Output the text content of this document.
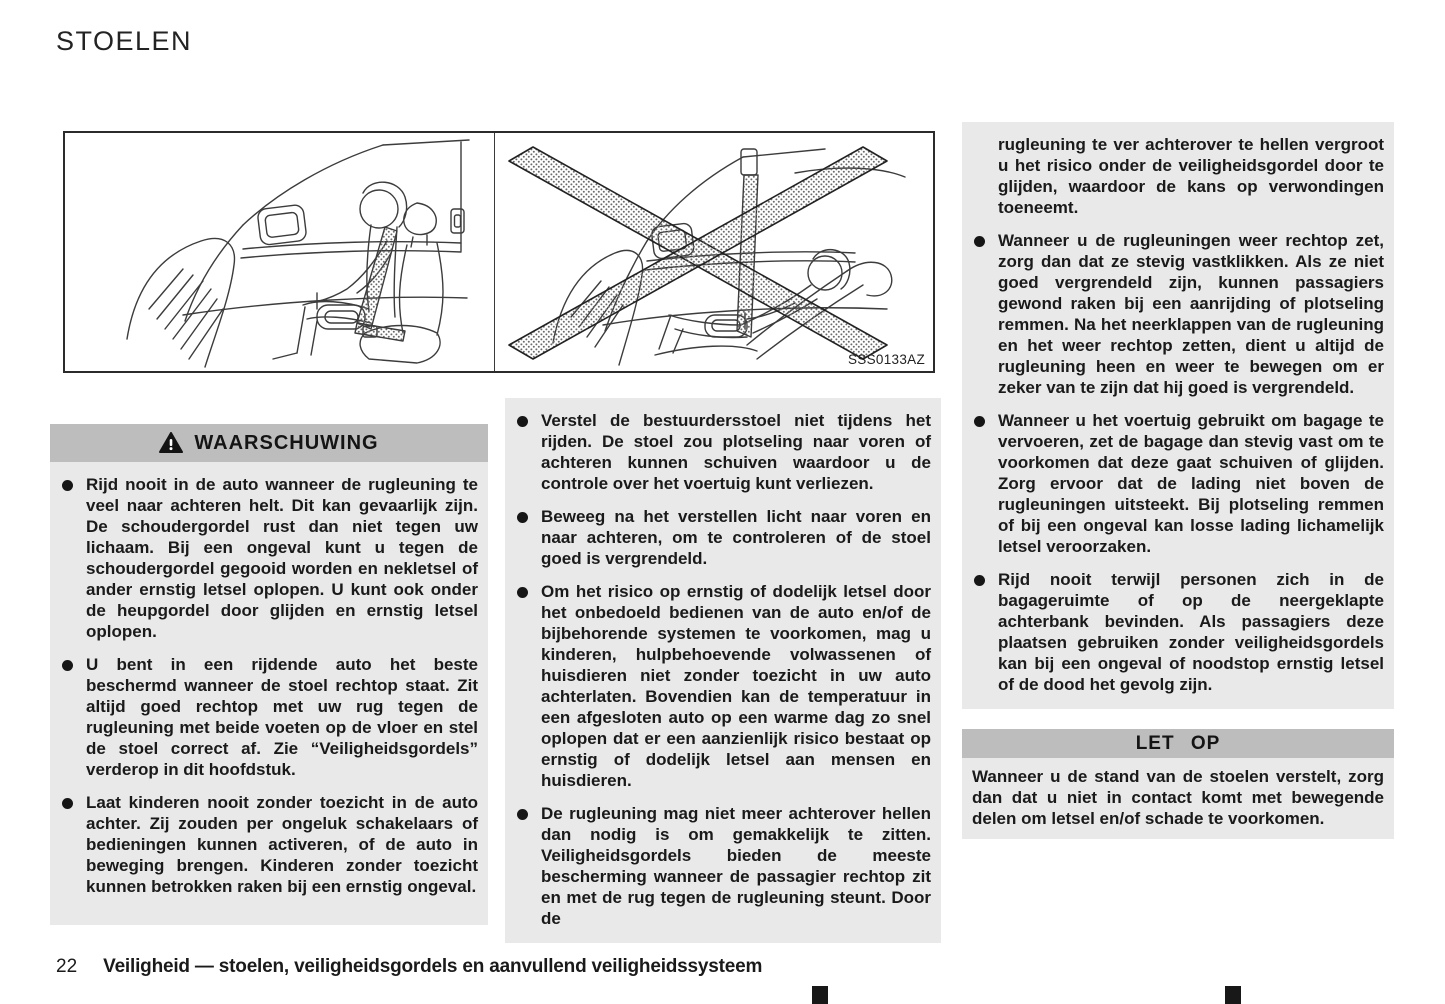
STOELEN
SSS0133AZ
WAARSCHUWING

Rijd nooit in de auto wanneer de rugleuning te veel naar achteren helt. Dit kan gevaarlijk zijn. De schoudergordel rust dan niet tegen uw lichaam. Bij een ongeval kunt u tegen de schoudergordel gegooid worden en nekletsel of ander ernstig letsel oplopen. U kunt ook onder de heupgordel door glijden en ernstig letsel oplopen.

U bent in een rijdende auto het beste beschermd wanneer de stoel rechtop staat. Zit altijd goed rechtop met uw rug tegen de rugleuning met beide voeten op de vloer en stel de stoel correct af. Zie “Veiligheidsgordels” verderop in dit hoofdstuk.

Laat kinderen nooit zonder toezicht in de auto achter. Zij zouden per ongeluk schakelaars of bedieningen kunnen activeren, of de auto in beweging brengen. Kinderen zonder toezicht kunnen betrokken raken bij een ernstig ongeval.

Verstel de bestuurdersstoel niet tijdens het rijden. De stoel zou plotseling naar voren of achteren kunnen schuiven waardoor u de controle over het voertuig kunt verliezen.

Beweeg na het verstellen licht naar voren en naar achteren, om te controleren of de stoel goed is vergrendeld.

Om het risico op ernstig of dodelijk letsel door het onbedoeld bedienen van de auto en/of de bijbehorende systemen te voorkomen, mag u kinderen, hulpbehoevende volwassenen of huisdieren niet zonder toezicht in uw auto achterlaten. Bovendien kan de temperatuur in een afgesloten auto op een warme dag zo snel oplopen dat er een aanzienlijk risico bestaat op ernstig of dodelijk letsel aan mensen en huisdieren.

De rugleuning mag niet meer achterover hellen dan nodig is om gemakkelijk te zitten. Veiligheidsgordels bieden de meeste bescherming wanneer de passagier rechtop zit en met de rug tegen de rugleuning steunt. Door de

rugleuning te ver achterover te hellen vergroot u het risico onder de veiligheidsgordel door te glijden, waardoor de kans op verwondingen toeneemt.

Wanneer u de rugleuningen weer rechtop zet, zorg dan dat ze stevig vastklikken. Als ze niet goed vergrendeld zijn, kunnen passagiers gewond raken bij een aanrijding of plotseling remmen. Na het neerklappen van de rugleuning en het weer rechtop zetten, dient u altijd de rugleuning heen en weer te bewegen om er zeker van te zijn dat hij goed is vergrendeld.

Wanneer u het voertuig gebruikt om bagage te vervoeren, zet de bagage dan stevig vast om te voorkomen dat deze gaat schuiven of glijden. Zorg ervoor dat de lading niet boven de rugleuningen uitsteekt. Bij plotseling remmen of bij een ongeval kan losse lading lichamelijk letsel veroorzaken.

Rijd nooit terwijl personen zich in de bagageruimte of op de neergeklapte achterbank bevinden. Als passagiers deze plaatsen gebruiken zonder veiligheidsgordels kan bij een ongeval of noodstop ernstig letsel of de dood het gevolg zijn.

LET OP
Wanneer u de stand van de stoelen verstelt, zorg dan dat u niet in contact komt met bewegende delen om letsel en/of schade te voorkomen.
22 Veiligheid — stoelen, veiligheidsgordels en aanvullend veiligheidssysteem
